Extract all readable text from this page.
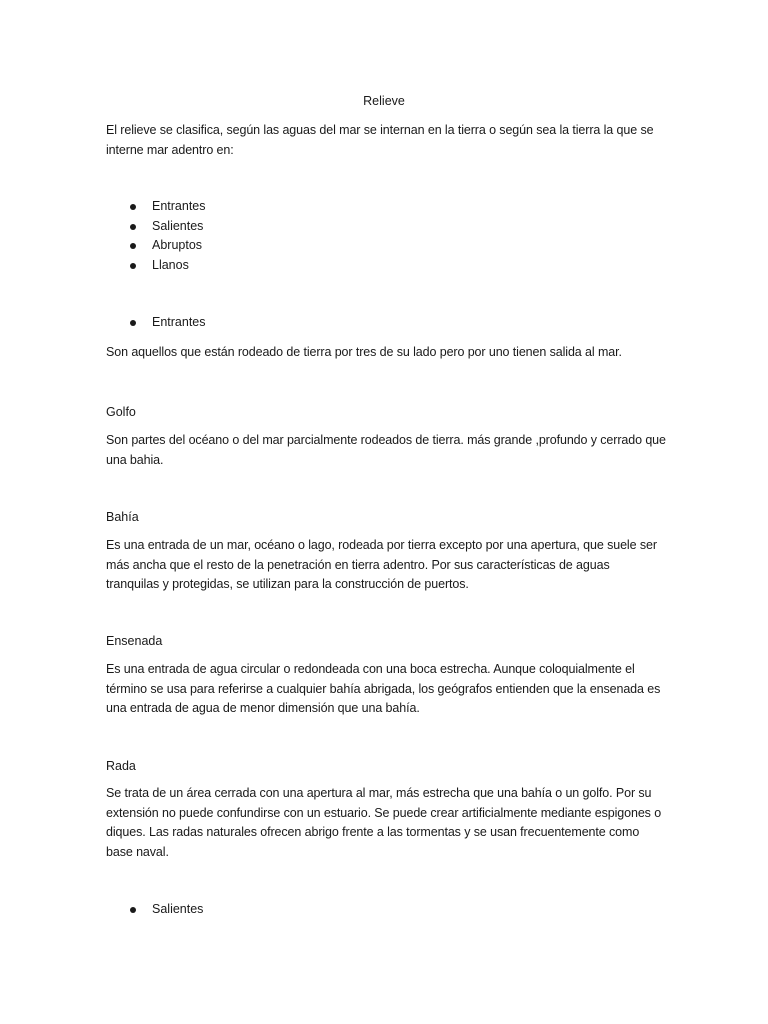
Relieve
El relieve se clasifica, según las aguas del mar se internan en la tierra o según sea la tierra la que se interne mar adentro en:
Entrantes
Salientes
Abruptos
Llanos
Entrantes
Son aquellos que están rodeado de tierra por tres de su lado pero por uno tienen salida al mar.
Golfo
Son partes del océano o del mar parcialmente rodeados de tierra. más grande ,profundo y cerrado que una bahia.
Bahía
Es una entrada de un mar, océano o lago, rodeada por tierra excepto por una apertura, que suele ser más ancha que el resto de la penetración en tierra adentro. Por sus características de aguas tranquilas y protegidas, se utilizan para la construcción de puertos.
Ensenada
Es una entrada de agua circular o redondeada con una boca estrecha. Aunque coloquialmente el término se usa para referirse a cualquier bahía abrigada, los geógrafos entienden que la ensenada es una entrada de agua de menor dimensión que una bahía.
Rada
Se trata de un área cerrada con una apertura al mar, más estrecha que una bahía o un golfo. Por su extensión no puede confundirse con un estuario. Se puede crear artificialmente mediante espigones o diques. Las radas naturales ofrecen abrigo frente a las tormentas y se usan frecuentemente como base naval.
Salientes
